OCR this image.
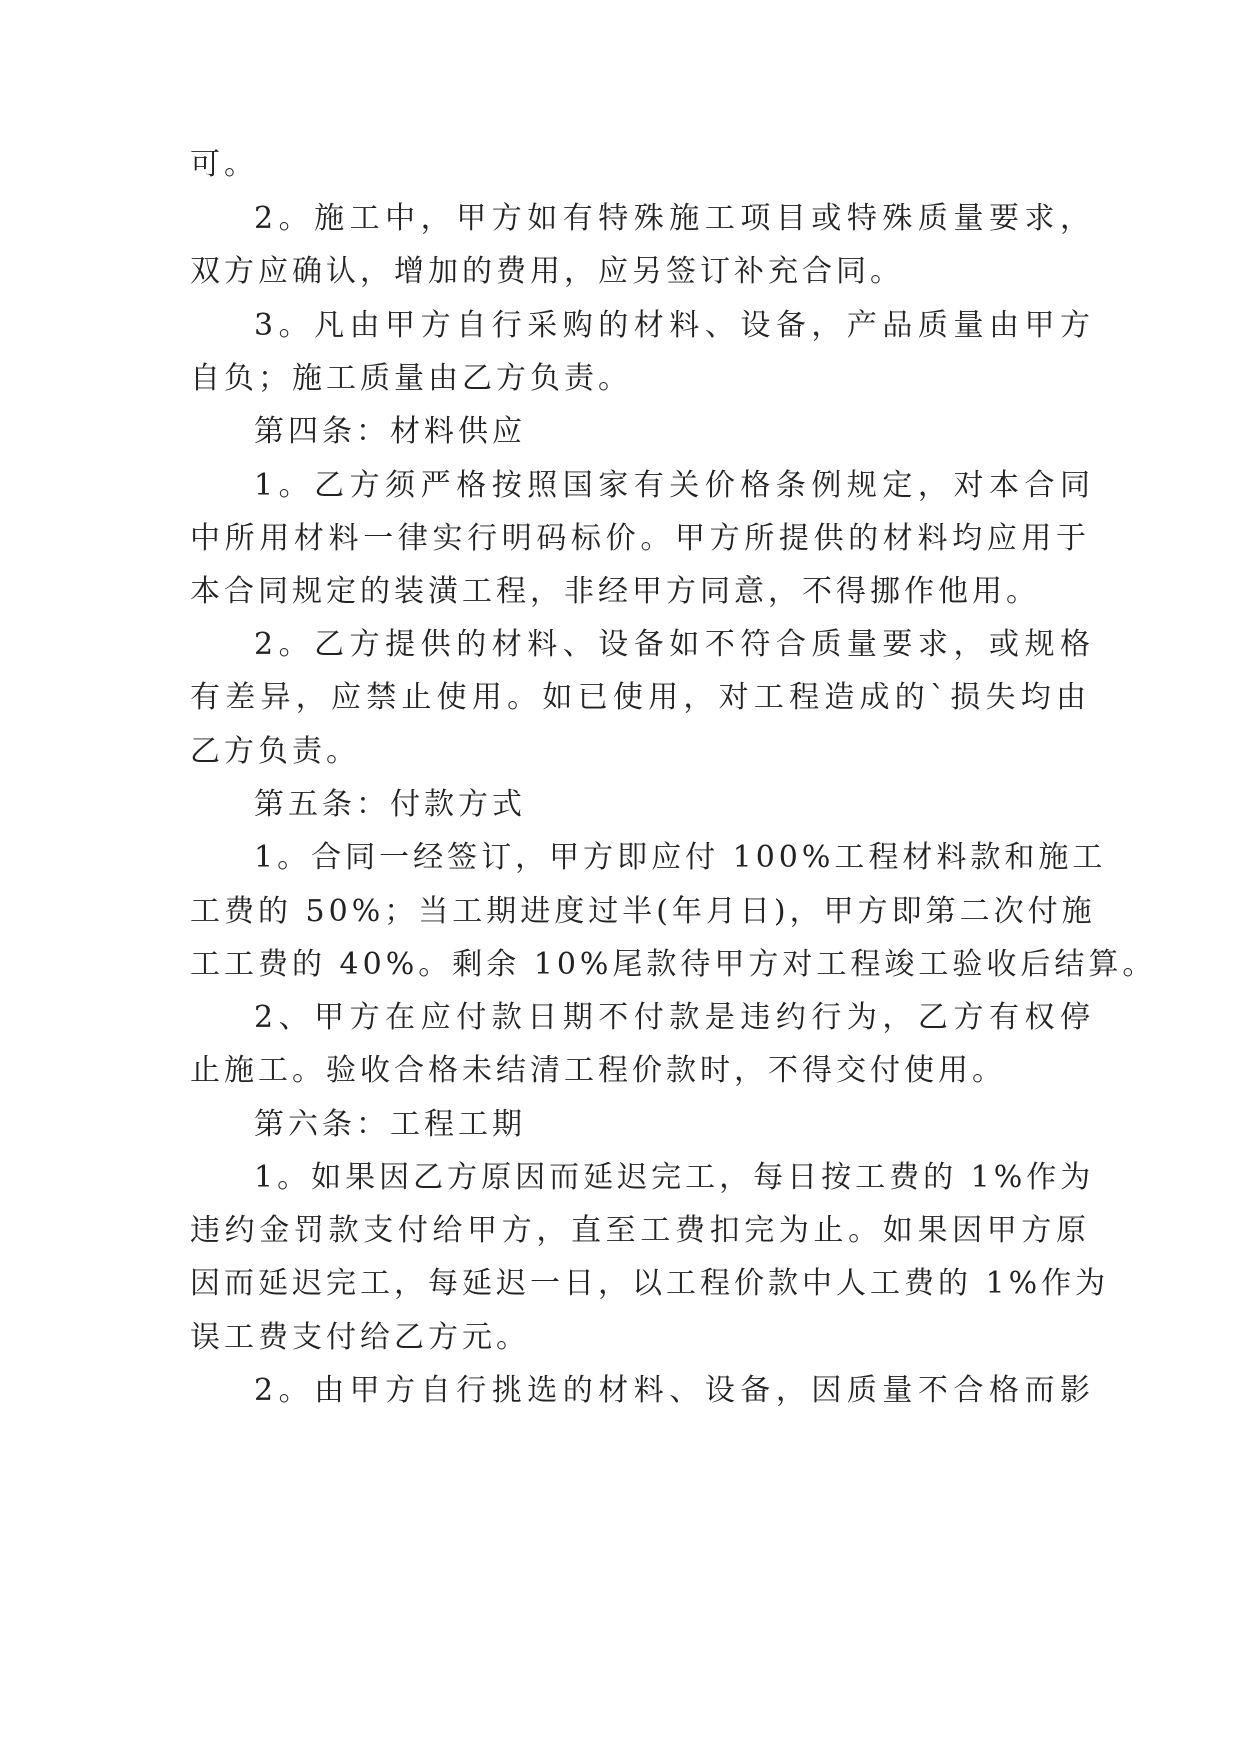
可。
2。施工中，甲方如有特殊施工项目或特殊质量要求，
双方应确认，增加的费用，应另签订补充合同。
3。凡由甲方自行采购的材料、设备，产品质量由甲方
自负；施工质量由乙方负责。
第四条：材料供应
1。乙方须严格按照国家有关价格条例规定，对本合同
中所用材料一律实行明码标价。甲方所提供的材料均应用于
本合同规定的装潢工程，非经甲方同意，不得挪作他用。
2。乙方提供的材料、设备如不符合质量要求，或规格
有差异，应禁止使用。如已使用，对工程造成的`损失均由
乙方负责。
第五条：付款方式
1。合同一经签订，甲方即应付 100%工程材料款和施工
工费的 50%；当工期进度过半(年月日)，甲方即第二次付施
工工费的 40%。剩余 10%尾款待甲方对工程竣工验收后结算。
2、甲方在应付款日期不付款是违约行为，乙方有权停
止施工。验收合格未结清工程价款时，不得交付使用。
第六条：工程工期
1。如果因乙方原因而延迟完工，每日按工费的 1%作为
违约金罚款支付给甲方，直至工费扣完为止。如果因甲方原
因而延迟完工，每延迟一日，以工程价款中人工费的 1%作为
误工费支付给乙方元。
2。由甲方自行挑选的材料、设备，因质量不合格而影
